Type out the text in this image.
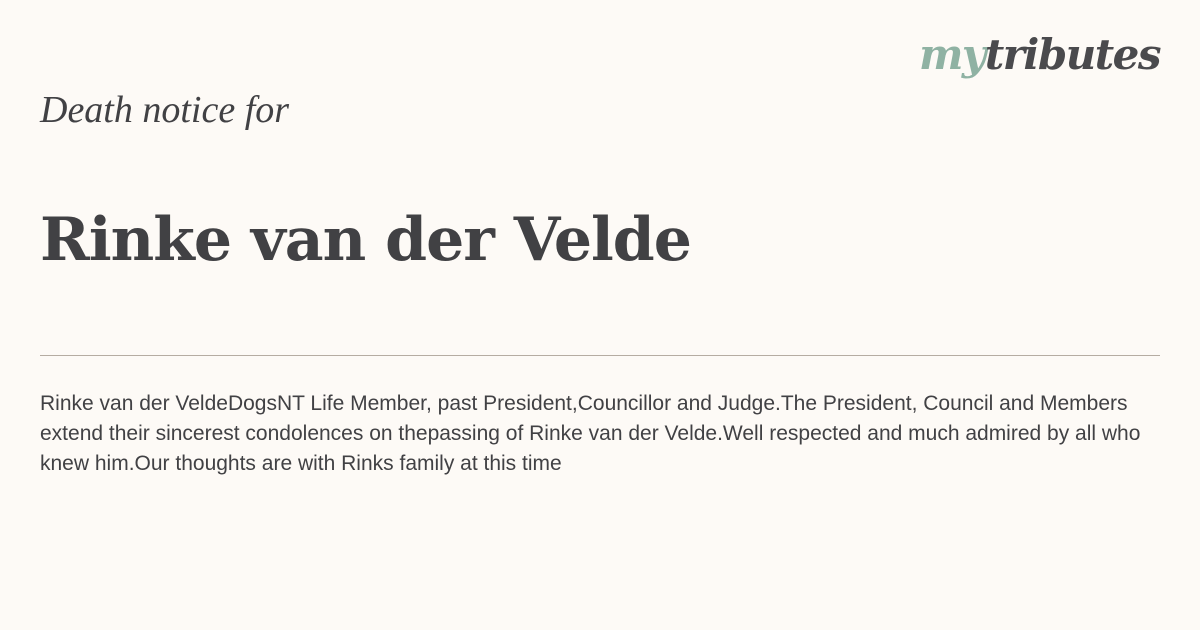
mytributes
Death notice for
Rinke van der Velde

Rinke van der VeldeDogsNT Life Member, past President,Councillor and Judge.The President, Council and Members extend their sincerest condolences on thepassing of Rinke van der Velde.Well respected and much admired by all who knew him.Our thoughts are with Rinks family at this time
